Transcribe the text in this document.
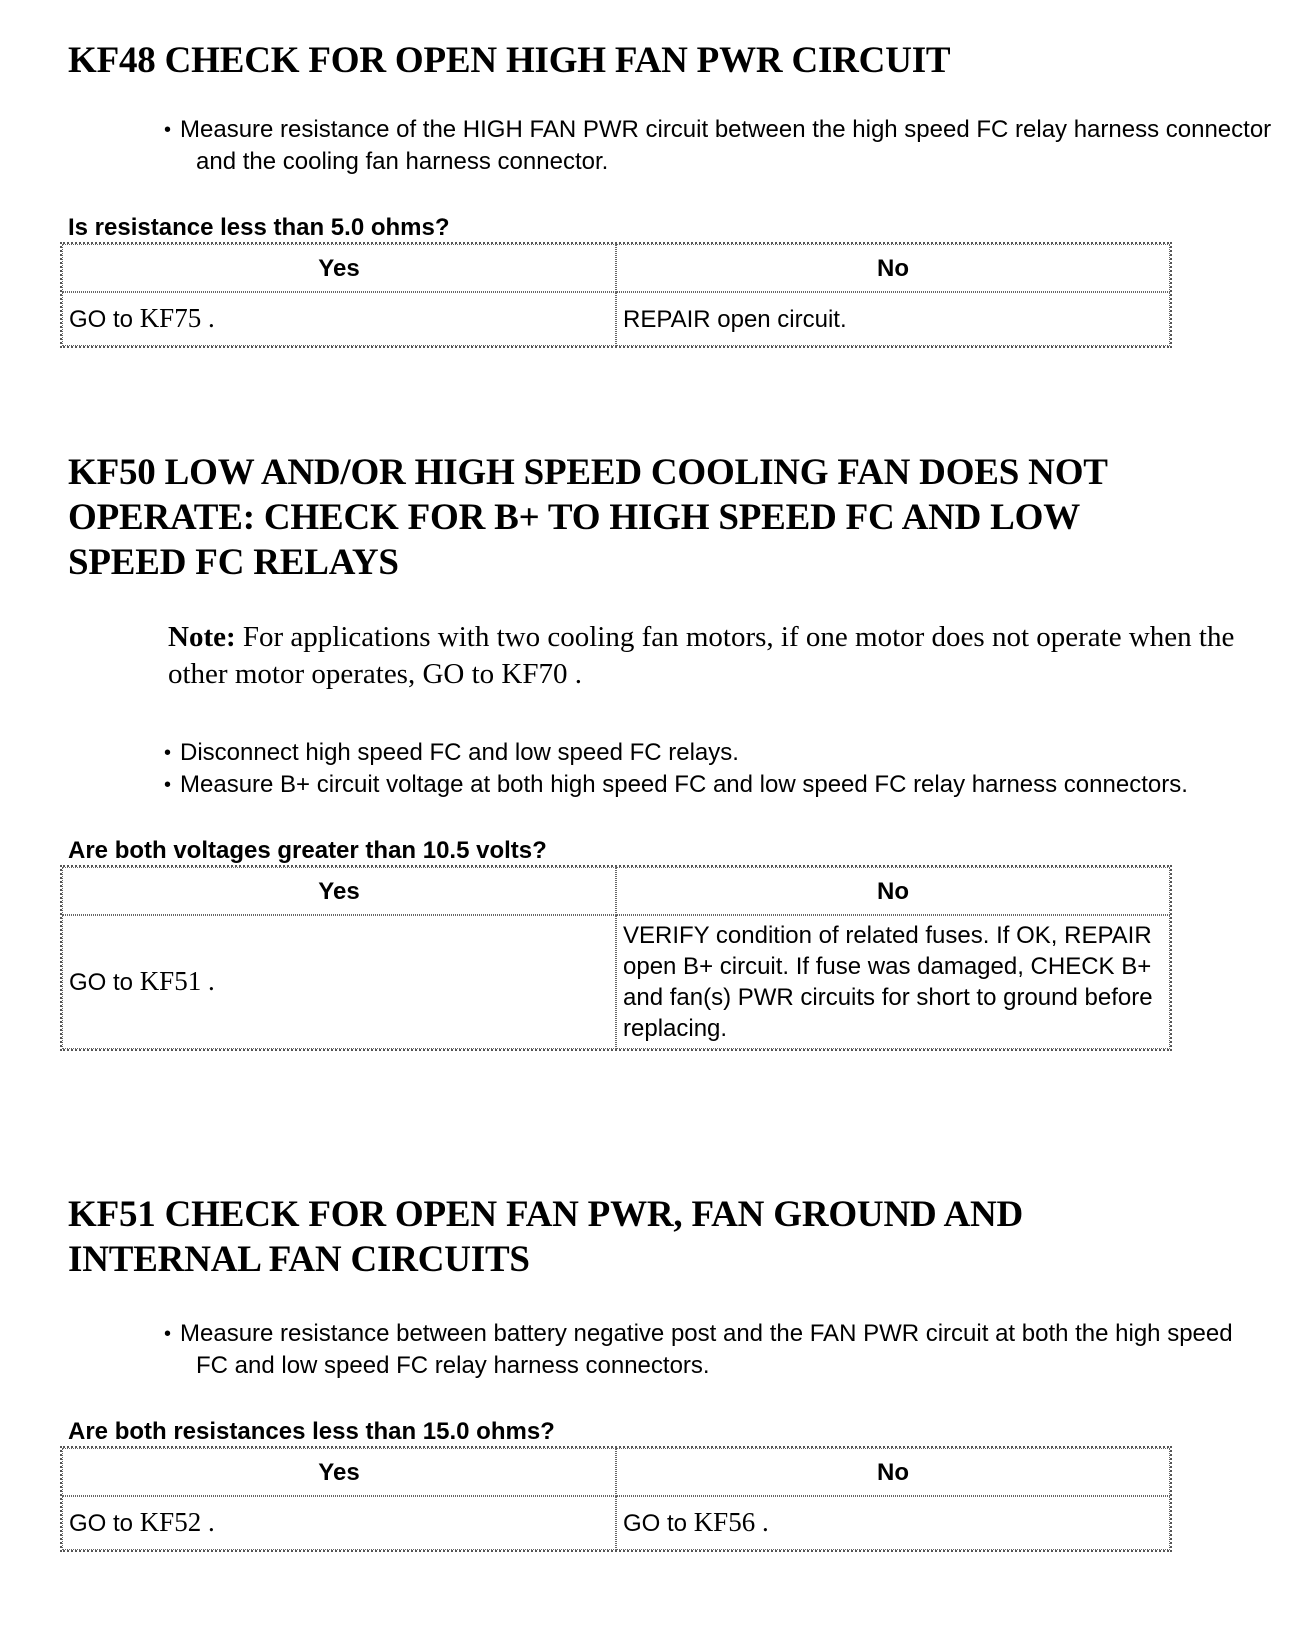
KF48 CHECK FOR OPEN HIGH FAN PWR CIRCUIT
• Measure resistance of the HIGH FAN PWR circuit between the high speed FC relay harness connector and the cooling fan harness connector.

Is resistance less than 5.0 ohms?

Yes	No
GO to KF75 .	REPAIR open circuit.
KF50 LOW AND/OR HIGH SPEED COOLING FAN DOES NOT OPERATE: CHECK FOR B+ TO HIGH SPEED FC AND LOW SPEED FC RELAYS

Note: For applications with two cooling fan motors, if one motor does not operate when the other motor operates, GO to KF70 .

• Disconnect high speed FC and low speed FC relays.
• Measure B+ circuit voltage at both high speed FC and low speed FC relay harness connectors.

Are both voltages greater than 10.5 volts?

Yes	No
GO to KF51 .	VERIFY condition of related fuses. If OK, REPAIR open B+ circuit. If fuse was damaged, CHECK B+ and fan(s) PWR circuits for short to ground before replacing.
KF51 CHECK FOR OPEN FAN PWR, FAN GROUND AND INTERNAL FAN CIRCUITS
• Measure resistance between battery negative post and the FAN PWR circuit at both the high speed FC and low speed FC relay harness connectors.

Are both resistances less than 15.0 ohms?

Yes	No
GO to KF52 .	GO to KF56 .
